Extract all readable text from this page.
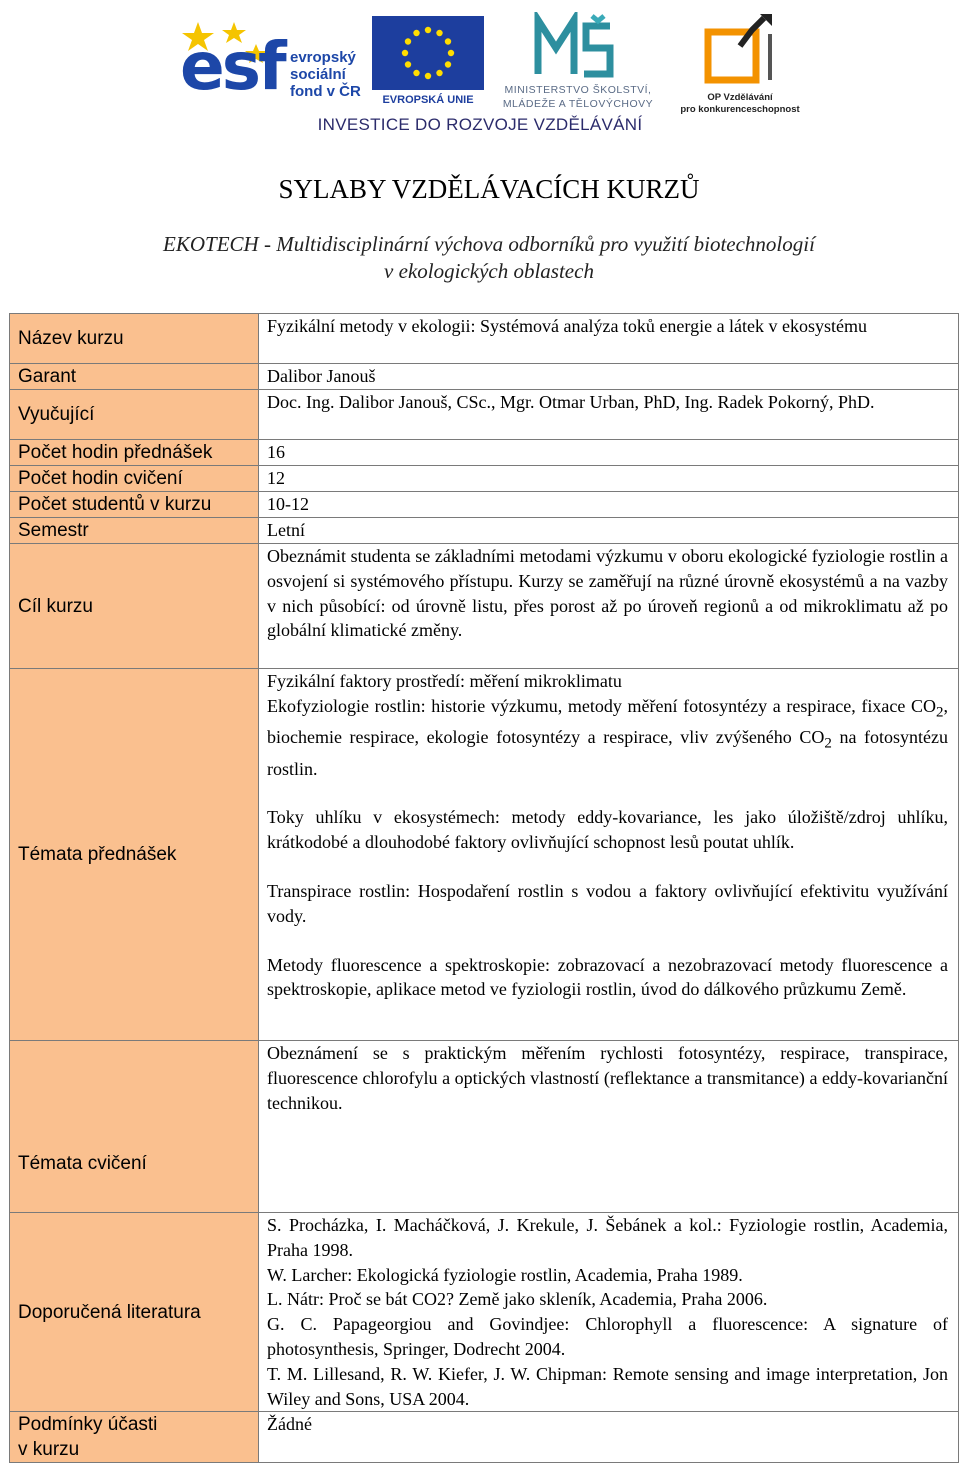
esf evropský
sociální
fond v ČR	EVROPSKÁ UNIE
MINISTERSTVO ŠKOLSTVÍ,
MLÁDEŽE A TĚLOVÝCHOVY
OP Vzdělávání
pro konkurenceschopnost
INVESTICE DO ROZVOJE VZDĚLÁVÁNÍ
SYLABY VZDĚLÁVACÍCH KURZŮ
EKOTECH - Multidisciplinární výchova odborníků pro využití biotechnologií
v ekologických oblastech
Název kurzu	Fyzikální metody v ekologii: Systémová analýza toků energie a látek v ekosystému
Garant	Dalibor Janouš
Vyučující	Doc. Ing. Dalibor Janouš, CSc., Mgr. Otmar Urban, PhD, Ing. Radek Pokorný, PhD.
Počet hodin přednášek	16
Počet hodin cvičení	12
Počet studentů v kurzu	10-12
Semestr	Letní
Cíl kurzu	Obeznámit studenta se základními metodami výzkumu v oboru ekologické fyziologie rostlin a osvojení si systémového přístupu. Kurzy se zaměřují na různé úrovně ekosystémů a na vazby v nich působící: od úrovně listu, přes porost až po úroveň regionů a od mikroklimatu až po globální klimatické změny.
Témata přednášek	Fyzikální faktory prostředí: měření mikroklimatu

Ekofyziologie rostlin: historie výzkumu, metody měření fotosyntézy a respirace, fixace $CO_2$, biochemie respirace, ekologie fotosyntézy a respirace, vliv zvýšeného $CO_2$ na fotosyntézu rostlin.

Toky uhlíku v ekosystémech: metody eddy-kovariance, les jako úložiště/zdroj uhlíku, krátkodobé a dlouhodobé faktory ovlivňující schopnost lesů poutat uhlík.

Transpirace rostlin: Hospodaření rostlin s vodou a faktory ovlivňující efektivitu využívání vody.

Metody fluorescence a spektroskopie: zobrazovací a nezobrazovací metody fluorescence a spektroskopie, aplikace metod ve fyziologii rostlin, úvod do dálkového průzkumu Země.

Témata cvičení	Obeznámení se s praktickým měřením rychlosti fotosyntézy, respirace, transpirace, fluorescence chlorofylu a optických vlastností (reflektance a transmitance) a eddy-kovarianční technikou.
Doporučená literatura	S. Procházka, I. Macháčková, J. Krekule, J. Šebánek a kol.: Fyziologie rostlin, Academia, Praha 1998.
W. Larcher: Ekologická fyziologie rostlin, Academia, Praha 1989.
L. Nátr: Proč se bát CO2? Země jako skleník, Academia, Praha 2006.
G. C. Papageorgiou and Govindjee: Chlorophyll a fluorescence: A signature of photosynthesis, Springer, Dodrecht 2004.
T. M. Lillesand, R. W. Kiefer, J. W. Chipman: Remote sensing and image interpretation, Jon Wiley and Sons, USA 2004.

Podmínky účasti
v kurzu	Žádné
